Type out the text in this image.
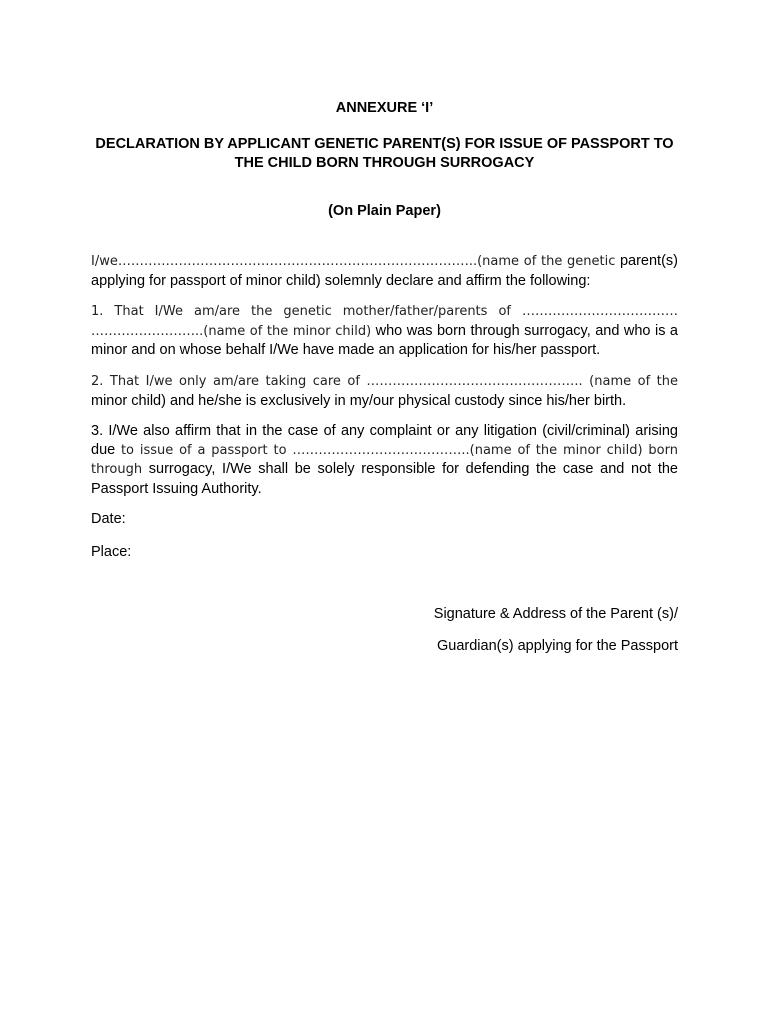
ANNEXURE ‘I’
DECLARATION BY APPLICANT GENETIC PARENT(S) FOR ISSUE OF PASSPORT TO THE CHILD BORN THROUGH SURROGACY
(On Plain Paper)
I/we………………………………………………………………………..(name of the genetic parent(s) applying for passport of minor child) solemnly declare and affirm the following:
1. That I/We am/are the genetic mother/father/parents of ……………………………… ……………………..(name of the minor child) who was born through surrogacy, and who is a minor and on whose behalf I/We have made an application for his/her passport.
2. That I/we only am/are taking care of ………………………………………….. (name of the minor child) and he/she is exclusively in my/our physical custody since his/her birth.
3. I/We also affirm that in the case of any complaint or any litigation (civil/criminal) arising due to issue of a passport to …………………………………..(name of the minor child) born through surrogacy, I/We shall be solely responsible for defending the case and not the Passport Issuing Authority.
Date:
Place:
Signature & Address of the Parent (s)/
Guardian(s) applying for the Passport
